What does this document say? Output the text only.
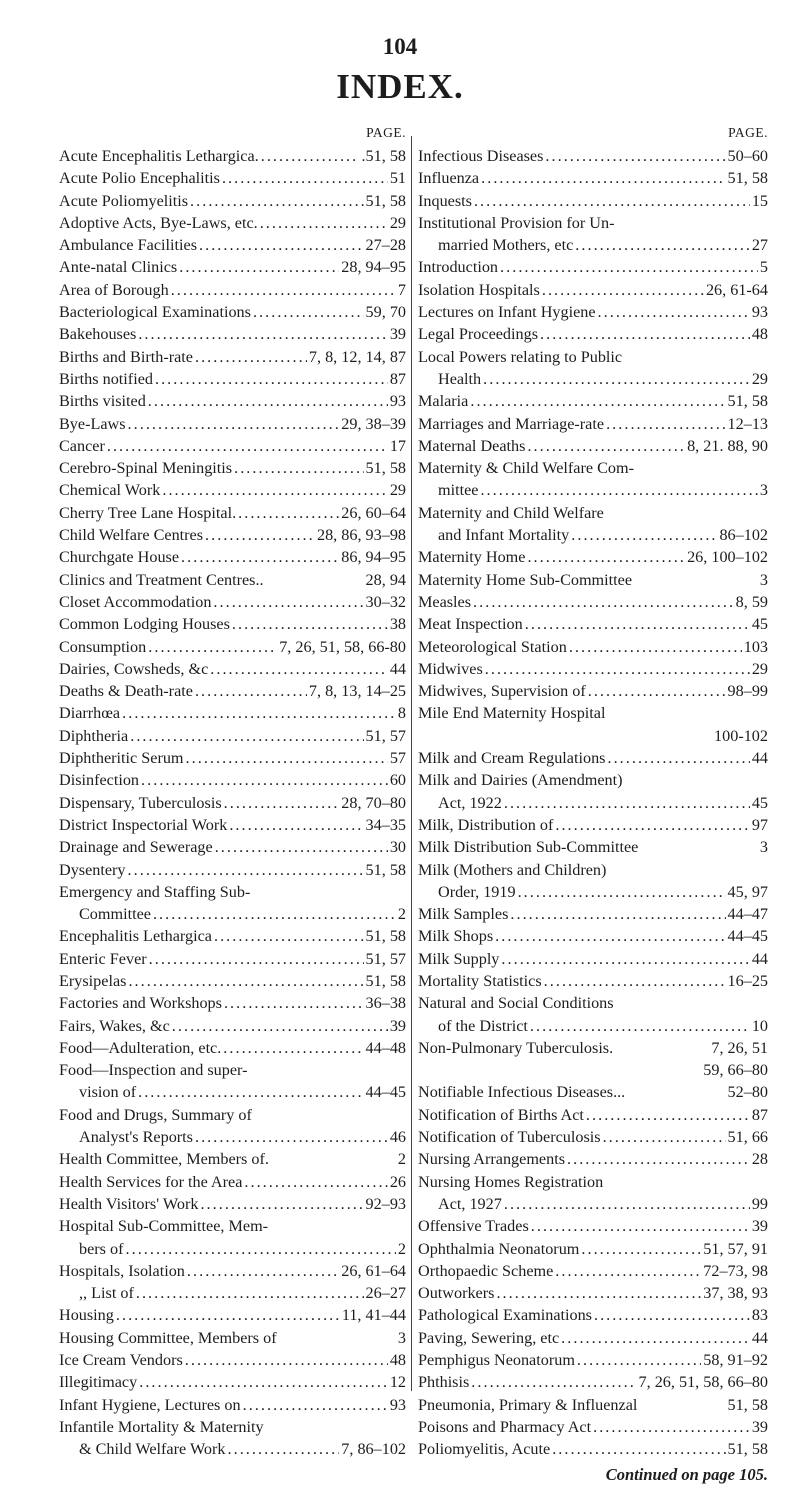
104
INDEX.
PAGE.
Acute Encephalitis Lethargica. . . .	.51, 58
Acute Polio Encephalitis . . .	51
Acute Poliomyelitis . . .	51, 58
Adoptive Acts, Bye-Laws, etc. . . .	29
Ambulance Facilities . . .	27–28
Ante-natal Clinics . . .	28, 94–95
Area of Borough . . .	7
Bacteriological Examinations . . .	59, 70
Bakehouses . . .	39
Births and Birth-rate . . .	7, 8, 12, 14, 87
Births notified . . .	87
Births visited . . .	93
Bye-Laws . . .	29, 38–39
Cancer . . .	17
Cerebro-Spinal Meningitis . . .	51, 58
Chemical Work . . .	29
Cherry Tree Lane Hospital. . . .	26, 60–64
Child Welfare Centres . . .	28, 86, 93–98
Churchgate House . . .	86, 94–95
Clinics and Treatment Centres..	28, 94
Closet Accommodation . . .	30–32
Common Lodging Houses . . .	38
Consumption . . .	7, 26, 51, 58, 66-80
Dairies, Cowsheds, &c . . .	44
Deaths & Death-rate . . .	7, 8, 13, 14–25
Diarrhœa . . .	8
Diphtheria . . .	51, 57
Diphtheritic Serum . . .	57
Disinfection . . .	60
Dispensary, Tuberculosis . . .	28, 70–80
District Inspectorial Work . . .	34–35
Drainage and Sewerage . . .	30
Dysentery . . .	51, 58
Emergency and Staffing Sub-
Committee . . .	2
Encephalitis Lethargica . . .	51, 58
Enteric Fever . . .	51, 57
Erysipelas . . .	51, 58
Factories and Workshops . . .	36–38
Fairs, Wakes, &c . . .	39
Food—Adulteration, etc. . . .	44–48
Food—Inspection and super-
vision of . . .	44–45
Food and Drugs, Summary of
Analyst's Reports . . .	46
Health Committee, Members of.	2
Health Services for the Area . . .	26
Health Visitors' Work . . .	92–93
Hospital Sub-Committee, Mem-
bers of . . .	2
Hospitals, Isolation . . .	26, 61–64
,, List of . . .	26–27
Housing . . .	11, 41–44
Housing Committee, Members of	3
Ice Cream Vendors . . .	48
Illegitimacy . . .	12
Infant Hygiene, Lectures on . . .	93
Infantile Mortality & Maternity
& Child Welfare Work . . .	7, 86–102
PAGE.
Infectious Diseases . . .	50–60
Influenza . . .	51, 58
Inquests . . .	15
Institutional Provision for Un-
married Mothers, etc . . .	27
Introduction . . .	5
Isolation Hospitals . . .	26, 61-64
Lectures on Infant Hygiene . . .	93
Legal Proceedings . . .	48
Local Powers relating to Public
Health . . .	29
Malaria . . .	51, 58
Marriages and Marriage-rate . . .	12–13
Maternal Deaths . . .	8, 21. 88, 90
Maternity & Child Welfare Com-
mittee . . .	3
Maternity and Child Welfare
and Infant Mortality . . .	86–102
Maternity Home . . .	26, 100–102
Maternity Home Sub-Committee	3
Measles . . .	8, 59
Meat Inspection . . .	45
Meteorological Station . . .	103
Midwives . . .	29
Midwives, Supervision of . . .	98–99
Mile End Maternity Hospital
100-102
Milk and Cream Regulations . . .	44
Milk and Dairies (Amendment)
Act, 1922 . . .	45
Milk, Distribution of . . .	97
Milk Distribution Sub-Committee	3
Milk (Mothers and Children)
Order, 1919 . . .	45, 97
Milk Samples . . .	44–47
Milk Shops . . .	44–45
Milk Supply . . .	44
Mortality Statistics . . .	16–25
Natural and Social Conditions
of the District . . .	10
Non-Pulmonary Tuberculosis.	7, 26, 51
59, 66–80
Notifiable Infectious Diseases...	52–80
Notification of Births Act . . .	87
Notification of Tuberculosis . . .	51, 66
Nursing Arrangements . . .	28
Nursing Homes Registration
Act, 1927 . . .	99
Offensive Trades . . .	39
Ophthalmia Neonatorum . . .	51, 57, 91
Orthopaedic Scheme . . .	72–73, 98
Outworkers . . .	37, 38, 93
Pathological Examinations . . .	83
Paving, Sewering, etc . . .	44
Pemphigus Neonatorum . . .	58, 91–92
Phthisis . . .	7, 26, 51, 58, 66–80
Pneumonia, Primary & Influenzal	51, 58
Poisons and Pharmacy Act . . .	39
Poliomyelitis, Acute . . .	51, 58
Continued on page 105.
